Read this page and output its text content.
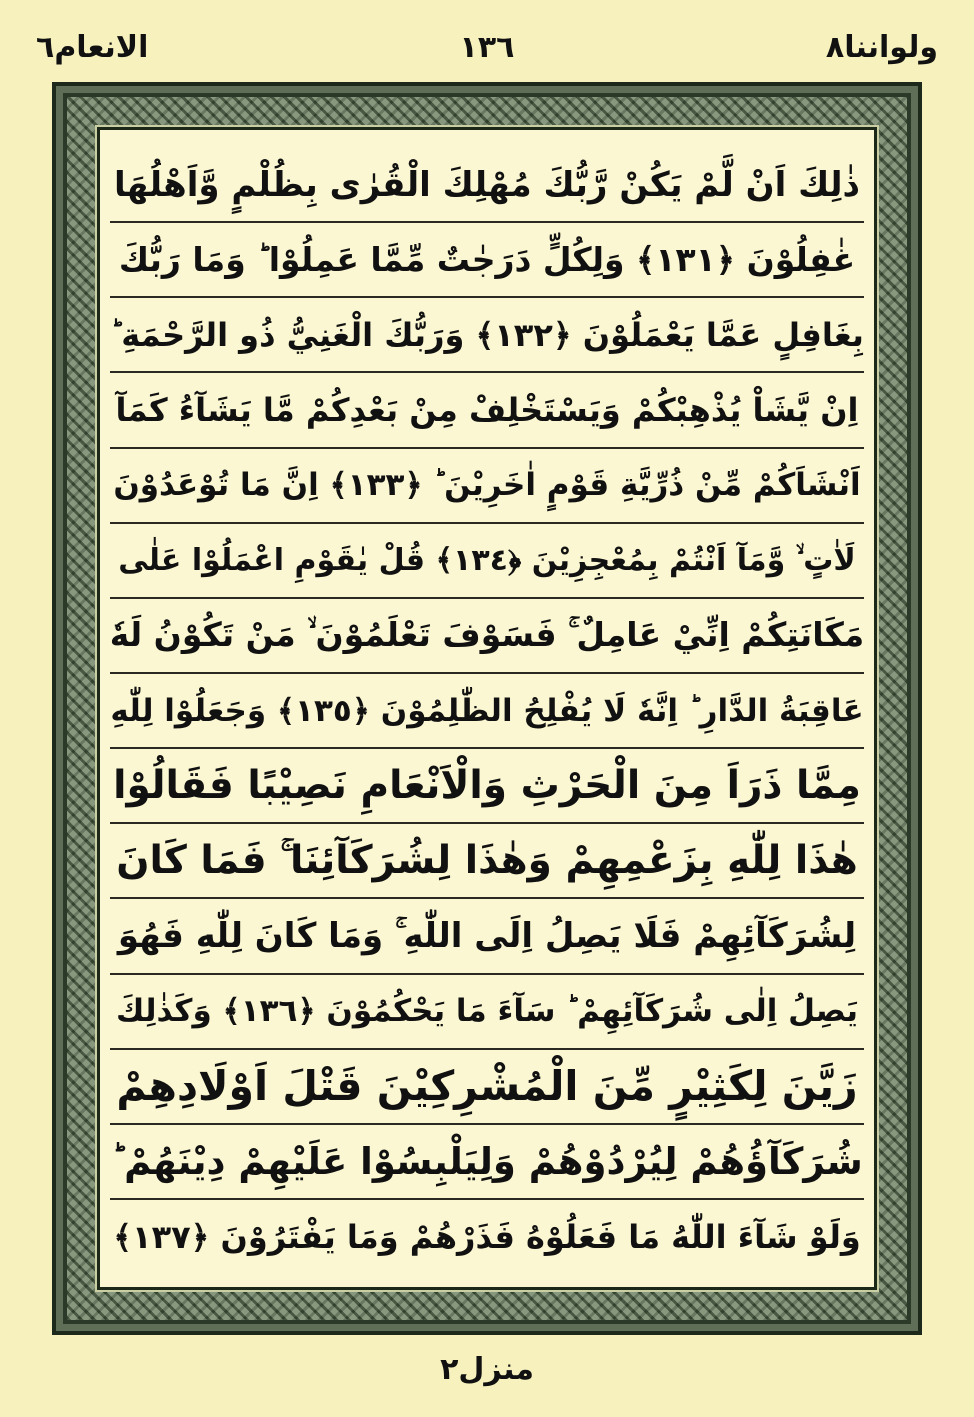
ولواننا٨
١٣٦
الانعام٦
ذٰلِكَ اَنْ لَّمْ يَكُنْ رَّبُّكَ مُهْلِكَ الْقُرٰى بِظُلْمٍ وَّاَهْلُهَا
غٰفِلُوْنَ ﴿١٣١﴾ وَلِكُلٍّ دَرَجٰتٌ مِّمَّا عَمِلُوْا ؕ وَمَا رَبُّكَ
بِغَافِلٍ عَمَّا يَعْمَلُوْنَ ﴿١٣٢﴾ وَرَبُّكَ الْغَنِيُّ ذُو الرَّحْمَةِ ؕ
اِنْ يَّشَاْ يُذْهِبْكُمْ وَيَسْتَخْلِفْ مِنْ بَعْدِكُمْ مَّا يَشَآءُ كَمَآ
اَنْشَاَكُمْ مِّنْ ذُرِّيَّةِ قَوْمٍ اٰخَرِيْنَ ؕ ﴿١٣٣﴾ اِنَّ مَا تُوْعَدُوْنَ
لَاٰتٍ ۙ وَّمَآ اَنْتُمْ بِمُعْجِزِيْنَ ﴿١٣٤﴾ قُلْ يٰقَوْمِ اعْمَلُوْا عَلٰى
مَكَانَتِكُمْ اِنِّيْ عَامِلٌ ۚ فَسَوْفَ تَعْلَمُوْنَ ۙ مَنْ تَكُوْنُ لَهٗ
عَاقِبَةُ الدَّارِ ؕ اِنَّهٗ لَا يُفْلِحُ الظّٰلِمُوْنَ ﴿١٣٥﴾ وَجَعَلُوْا لِلّٰهِ
مِمَّا ذَرَاَ مِنَ الْحَرْثِ وَالْاَنْعَامِ نَصِيْبًا فَقَالُوْا
هٰذَا لِلّٰهِ بِزَعْمِهِمْ وَهٰذَا لِشُرَكَآئِنَا ۚ فَمَا كَانَ
لِشُرَكَآئِهِمْ فَلَا يَصِلُ اِلَى اللّٰهِ ۚ وَمَا كَانَ لِلّٰهِ فَهُوَ
يَصِلُ اِلٰى شُرَكَآئِهِمْ ؕ سَآءَ مَا يَحْكُمُوْنَ ﴿١٣٦﴾ وَكَذٰلِكَ
زَيَّنَ لِكَثِيْرٍ مِّنَ الْمُشْرِكِيْنَ قَتْلَ اَوْلَادِهِمْ
شُرَكَآؤُهُمْ لِيُرْدُوْهُمْ وَلِيَلْبِسُوْا عَلَيْهِمْ دِيْنَهُمْ ؕ
وَلَوْ شَآءَ اللّٰهُ مَا فَعَلُوْهُ فَذَرْهُمْ وَمَا يَفْتَرُوْنَ ﴿١٣٧﴾
منزل٢
